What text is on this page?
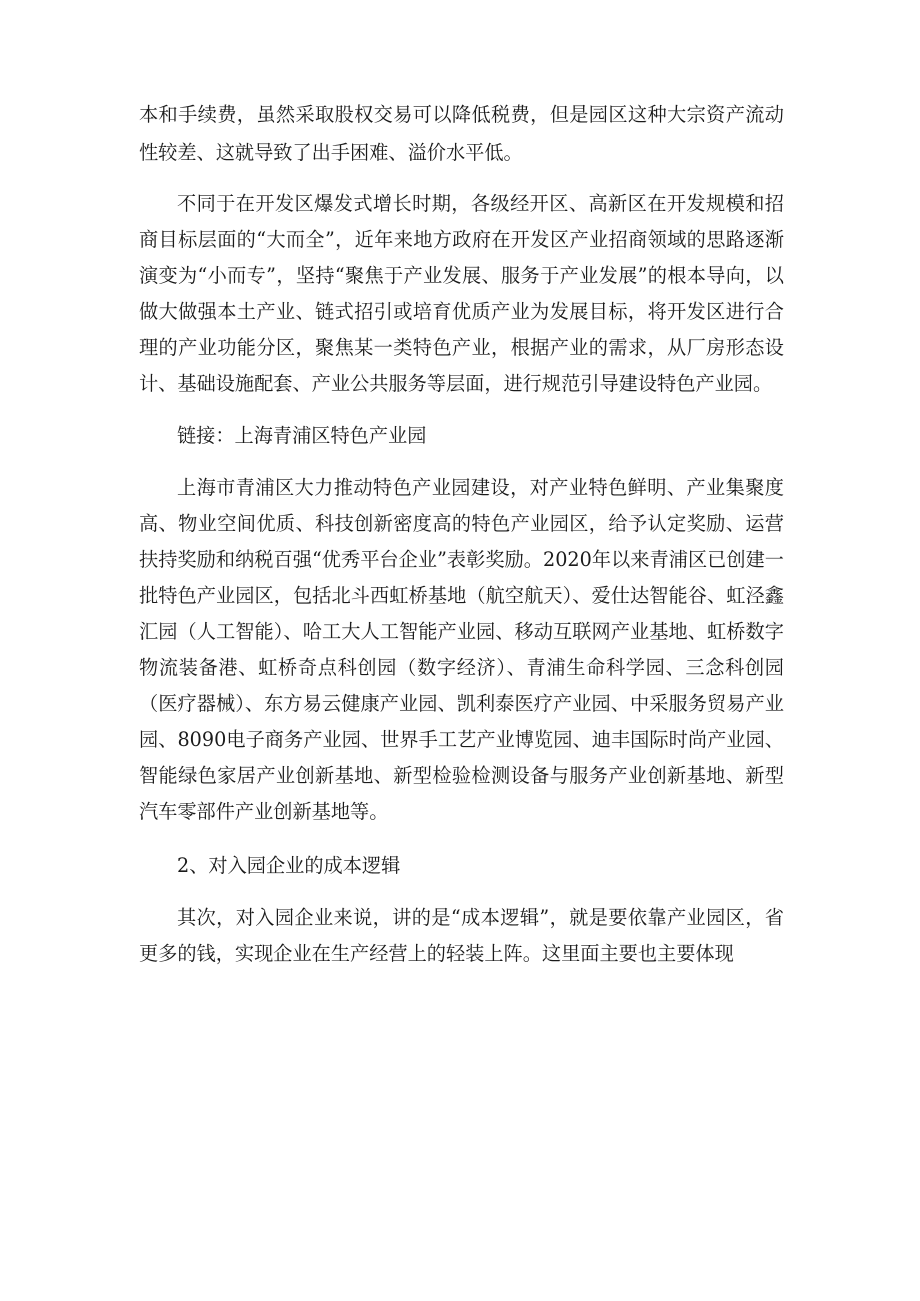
本和手续费，虽然采取股权交易可以降低税费，但是园区这种大宗资产流动性较差、这就导致了出手困难、溢价水平低。

不同于在开发区爆发式增长时期，各级经开区、高新区在开发规模和招商目标层面的“大而全”，近年来地方政府在开发区产业招商领域的思路逐渐演变为“小而专”，坚持“聚焦于产业发展、服务于产业发展”的根本导向，以做大做强本土产业、链式招引或培育优质产业为发展目标，将开发区进行合理的产业功能分区，聚焦某一类特色产业，根据产业的需求，从厂房形态设计、基础设施配套、产业公共服务等层面，进行规范引导建设特色产业园。

链接：上海青浦区特色产业园

上海市青浦区大力推动特色产业园建设，对产业特色鲜明、产业集聚度高、物业空间优质、科技创新密度高的特色产业园区，给予认定奖励、运营扶持奖励和纳税百强“优秀平台企业”表彰奖励。2020年以来青浦区已创建一批特色产业园区，包括北斗西虹桥基地（航空航天）、爱仕达智能谷、虹泾鑫汇园（人工智能）、哈工大人工智能产业园、移动互联网产业基地、虹桥数字物流装备港、虹桥奇点科创园（数字经济）、青浦生命科学园、三念科创园（医疗器械）、东方易云健康产业园、凯利泰医疗产业园、中采服务贸易产业园、8090电子商务产业园、世界手工艺产业博览园、迪丰国际时尚产业园、智能绿色家居产业创新基地、新型检验检测设备与服务产业创新基地、新型汽车零部件产业创新基地等。

2、对入园企业的成本逻辑

其次，对入园企业来说，讲的是“成本逻辑”，就是要依靠产业园区，省更多的钱，实现企业在生产经营上的轻装上阵。这里面主要也主要体现
